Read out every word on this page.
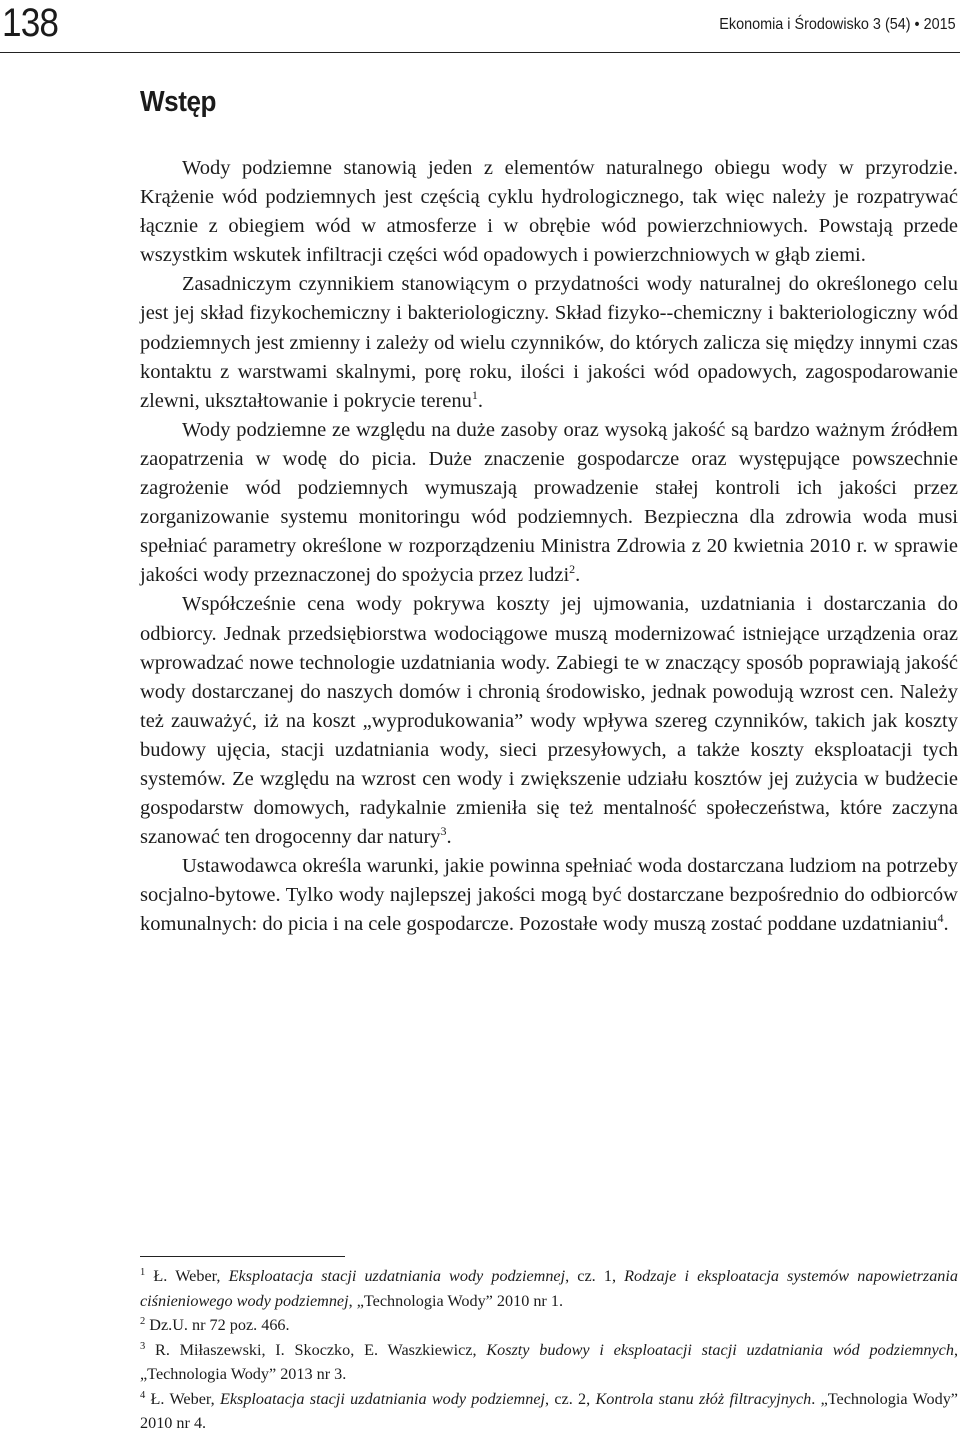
138	Ekonomia i Środowisko 3 (54) • 2015
Wstęp

Wody podziemne stanowią jeden z elementów naturalnego obiegu wody w przyrodzie. Krążenie wód podziemnych jest częścią cyklu hydrologicznego, tak więc należy je rozpatrywać łącznie z obiegiem wód w atmosferze i w obrębie wód powierzchniowych. Powstają przede wszystkim wskutek infiltracji części wód opadowych i powierzchniowych w głąb ziemi.

Zasadniczym czynnikiem stanowiącym o przydatności wody naturalnej do określonego celu jest jej skład fizykochemiczny i bakteriologiczny. Skład fizyko--chemiczny i bakteriologiczny wód podziemnych jest zmienny i zależy od wielu czynników, do których zalicza się między innymi czas kontaktu z warstwami skalnymi, porę roku, ilości i jakości wód opadowych, zagospodarowanie zlewni, ukształtowanie i pokrycie terenu$^1$.

Wody podziemne ze względu na duże zasoby oraz wysoką jakość są bardzo ważnym źródłem zaopatrzenia w wodę do picia. Duże znaczenie gospodarcze oraz występujące powszechnie zagrożenie wód podziemnych wymuszają prowadzenie stałej kontroli ich jakości przez zorganizowanie systemu monitoringu wód podziemnych. Bezpieczna dla zdrowia woda musi spełniać parametry określone w rozporządzeniu Ministra Zdrowia z 20 kwietnia 2010 r. w sprawie jakości wody przeznaczonej do spożycia przez ludzi$^2$.

Współcześnie cena wody pokrywa koszty jej ujmowania, uzdatniania i dostarczania do odbiorcy. Jednak przedsiębiorstwa wodociągowe muszą modernizować istniejące urządzenia oraz wprowadzać nowe technologie uzdatniania wody. Zabiegi te w znaczący sposób poprawiają jakość wody dostarczanej do naszych domów i chronią środowisko, jednak powodują wzrost cen. Należy też zauważyć, iż na koszt „wyprodukowania” wody wpływa szereg czynników, takich jak koszty budowy ujęcia, stacji uzdatniania wody, sieci przesyłowych, a także koszty eksploatacji tych systemów. Ze względu na wzrost cen wody i zwiększenie udziału kosztów jej zużycia w budżecie gospodarstw domowych, radykalnie zmieniła się też mentalność społeczeństwa, które zaczyna szanować ten drogocenny dar natury$^3$.

Ustawodawca określa warunki, jakie powinna spełniać woda dostarczana ludziom na potrzeby socjalno-bytowe. Tylko wody najlepszej jakości mogą być dostarczane bezpośrednio do odbiorców komunalnych: do picia i na cele gospodarcze. Pozostałe wody muszą zostać poddane uzdatnianiu$^4$.

$^1$ Ł. Weber, Eksploatacja stacji uzdatniania wody podziemnej, cz. 1, Rodzaje i eksploatacja systemów napowietrzania ciśnieniowego wody podziemnej, „Technologia Wody” 2010 nr 1.

$^2$ Dz.U. nr 72 poz. 466.

$^3$ R. Miłaszewski, I. Skoczko, E. Waszkiewicz, Koszty budowy i eksploatacji stacji uzdatniania wód podziemnych, „Technologia Wody” 2013 nr 3.

$^4$ Ł. Weber, Eksploatacja stacji uzdatniania wody podziemnej, cz. 2, Kontrola stanu złóż filtracyjnych. „Technologia Wody” 2010 nr 4.
